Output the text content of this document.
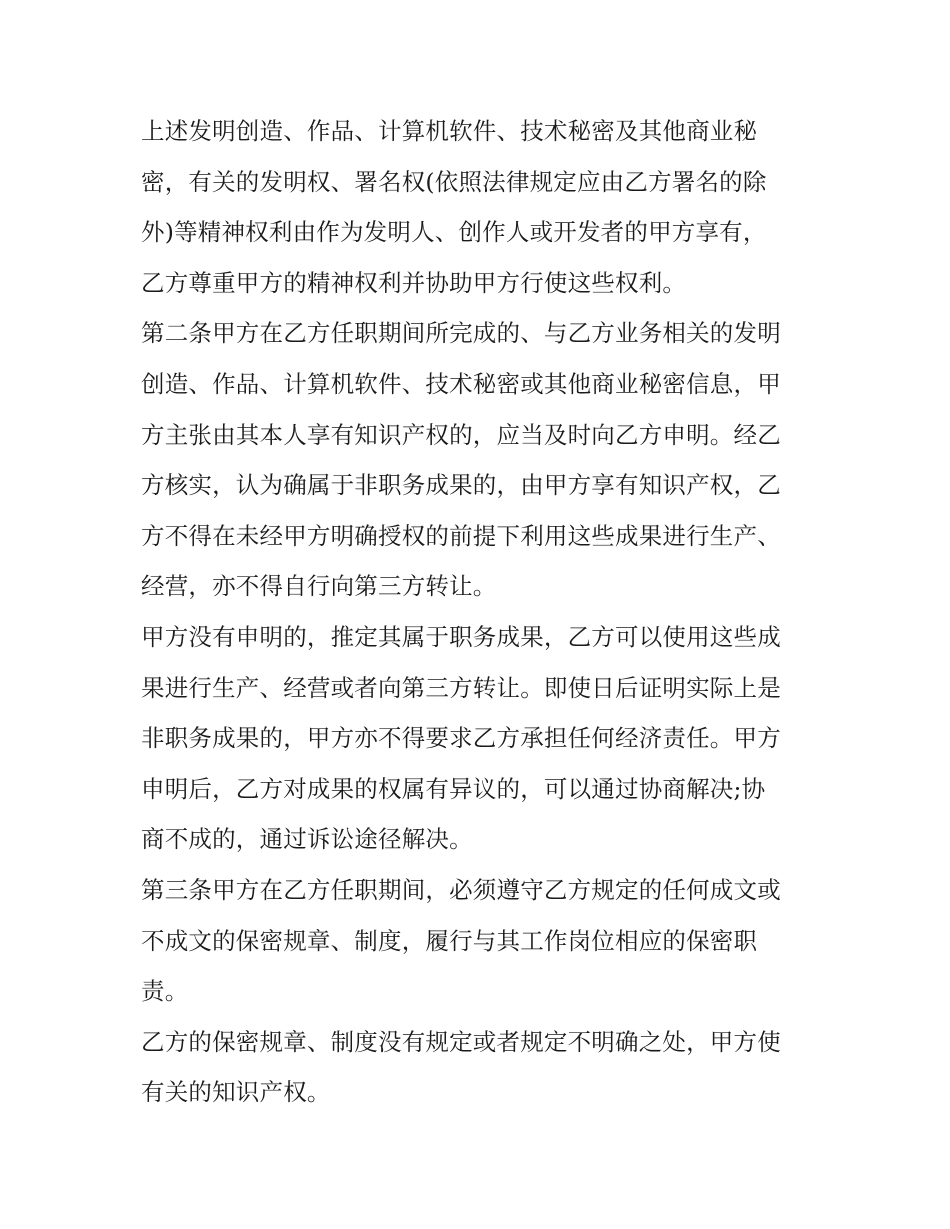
上述发明创造、作品、计算机软件、技术秘密及其他商业秘
密，有关的发明权、署名权(依照法律规定应由乙方署名的除
外)等精神权利由作为发明人、创作人或开发者的甲方享有，
乙方尊重甲方的精神权利并协助甲方行使这些权利。
第二条甲方在乙方任职期间所完成的、与乙方业务相关的发明
创造、作品、计算机软件、技术秘密或其他商业秘密信息，甲
方主张由其本人享有知识产权的，应当及时向乙方申明。经乙
方核实，认为确属于非职务成果的，由甲方享有知识产权，乙
方不得在未经甲方明确授权的前提下利用这些成果进行生产、
经营，亦不得自行向第三方转让。
甲方没有申明的，推定其属于职务成果，乙方可以使用这些成
果进行生产、经营或者向第三方转让。即使日后证明实际上是
非职务成果的，甲方亦不得要求乙方承担任何经济责任。甲方
申明后，乙方对成果的权属有异议的，可以通过协商解决;协
商不成的，通过诉讼途径解决。
第三条甲方在乙方任职期间，必须遵守乙方规定的任何成文或
不成文的保密规章、制度，履行与其工作岗位相应的保密职
责。
乙方的保密规章、制度没有规定或者规定不明确之处，甲方使
有关的知识产权。
